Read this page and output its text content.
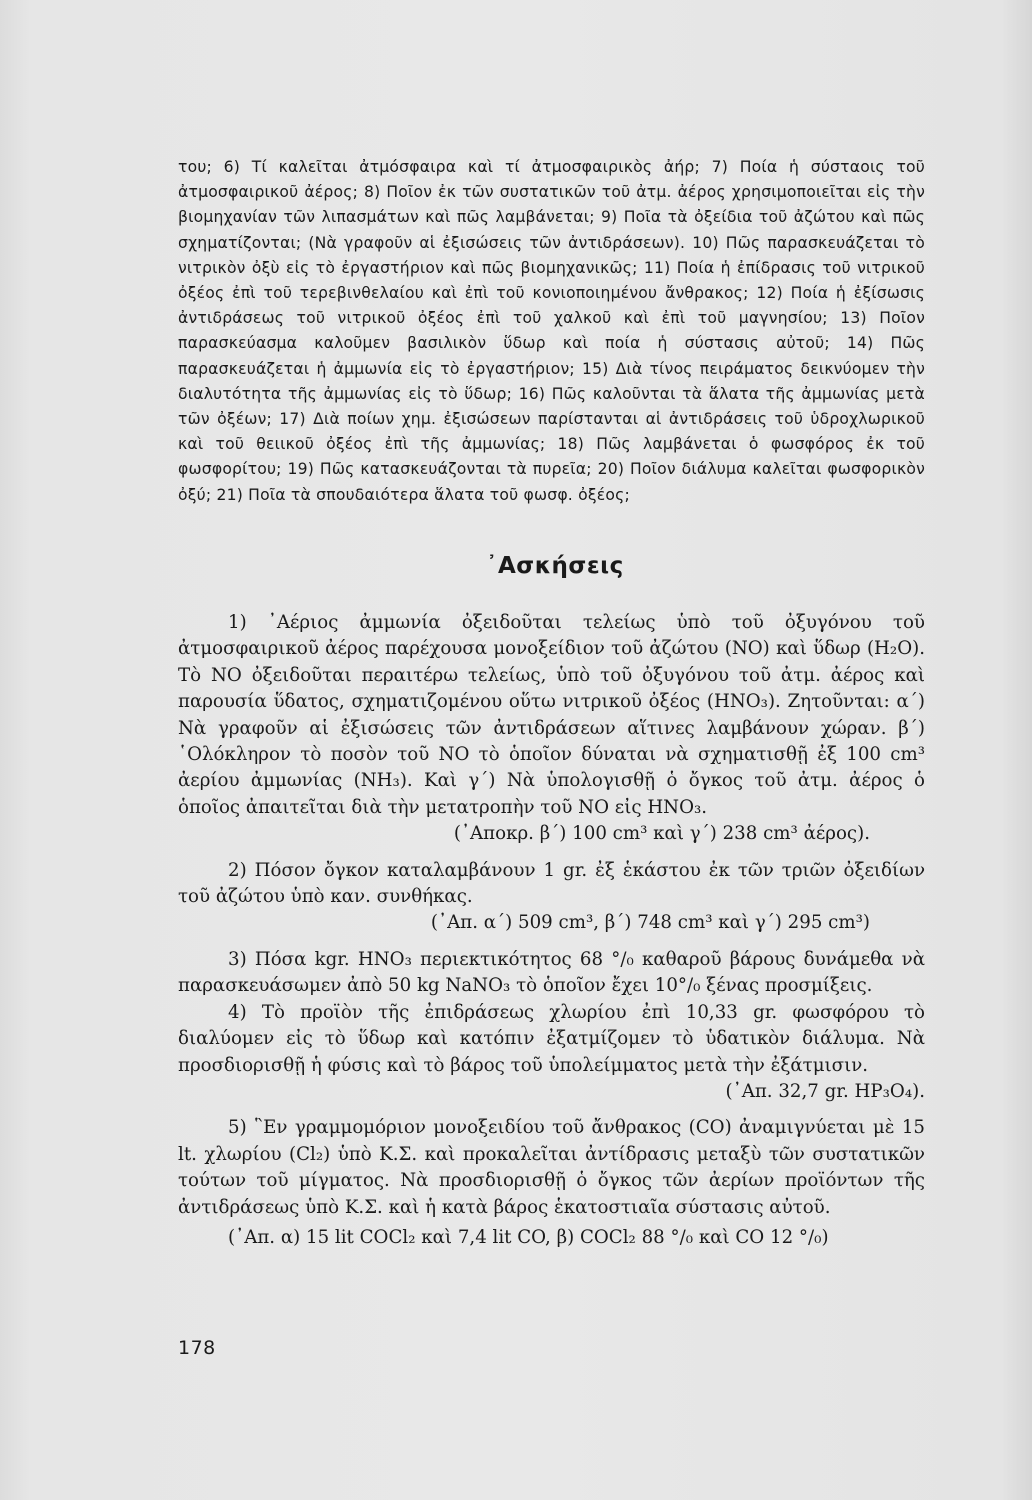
του; 6) Τί καλεῖται ἀτμόσφαιρα καὶ τί ἀτμοσφαιρικὸς ἀήρ; 7) Ποία ἡ σύσταοις τοῦ ἀτμοσφαιρικοῦ ἀέρος; 8) Ποῖον ἐκ τῶν συστατικῶν τοῦ ἀτμ. ἀέρος χρησιμοποιεῖται εἰς τὴν βιομηχανίαν τῶν λιπασμάτων καὶ πῶς λαμβάνεται; 9) Ποῖα τὰ ὀξείδια τοῦ ἀζώτου καὶ πῶς σχηματίζονται; (Νὰ γραφοῦν αἱ ἐξισώσεις τῶν ἀντιδράσεων). 10) Πῶς παρασκευάζεται τὸ νιτρικὸν ὀξὺ εἰς τὸ ἐργαστήριον καὶ πῶς βιομηχανικῶς; 11) Ποία ἡ ἐπίδρασις τοῦ νιτρικοῦ ὀξέος ἐπὶ τοῦ τερεβινθελαίου καὶ ἐπὶ τοῦ κονιοποιημένου ἄνθρακος; 12) Ποία ἡ ἐξίσωσις ἀντιδράσεως τοῦ νιτρικοῦ ὀξέος ἐπὶ τοῦ χαλκοῦ καὶ ἐπὶ τοῦ μαγνησίου; 13) Ποῖον παρασκεύασμα καλοῦμεν βασιλικὸν ὕδωρ καὶ ποία ἡ σύστασις αὐτοῦ; 14) Πῶς παρασκευάζεται ἡ ἀμμωνία εἰς τὸ ἐργαστήριον; 15) Διὰ τίνος πειράματος δεικνύομεν τὴν διαλυτότητα τῆς ἀμμωνίας εἰς τὸ ὕδωρ; 16) Πῶς καλοῦνται τὰ ἅλατα τῆς ἀμμωνίας μετὰ τῶν ὀξέων; 17) Διὰ ποίων χημ. ἐξισώσεων παρίστανται αἱ ἀντιδράσεις τοῦ ὑδροχλωρικοῦ καὶ τοῦ θειικοῦ ὀξέος ἐπὶ τῆς ἀμμωνίας; 18) Πῶς λαμβάνεται ὁ φωσφόρος ἐκ τοῦ φωσφορίτου; 19) Πῶς κατασκευάζονται τὰ πυρεῖα; 20) Ποῖον διάλυμα καλεῖται φωσφορικὸν ὀξύ; 21) Ποῖα τὰ σπουδαιότερα ἅλατα τοῦ φωσφ. ὀξέος;

᾿Ασκήσεις

1) ᾿Αέριος ἀμμωνία ὀξειδοῦται τελείως ὑπὸ τοῦ ὀξυγόνου τοῦ ἀτμοσφαιρικοῦ ἀέρος παρέχουσα μονοξείδιον τοῦ ἀζώτου (NO) καὶ ὕδωρ (H₂O). Τὸ NO ὀξειδοῦται περαιτέρω τελείως, ὑπὸ τοῦ ὀξυγόνου τοῦ ἀτμ. ἀέρος καὶ παρουσία ὕδατος, σχηματιζομένου οὕτω νιτρικοῦ ὀξέος (HNO₃). Ζητοῦνται: α΄) Νὰ γραφοῦν αἱ ἐξισώσεις τῶν ἀντιδράσεων αἵτινες λαμβάνουν χώραν. β΄) ῾Ολόκληρον τὸ ποσὸν τοῦ NO τὸ ὁποῖον δύναται νὰ σχηματισθῇ ἐξ 100 cm³ ἀερίου ἀμμωνίας (NH₃). Καὶ γ΄) Νὰ ὑπολογισθῇ ὁ ὄγκος τοῦ ἀτμ. ἀέρος ὁ ὁποῖος ἀπαιτεῖται διὰ τὴν μετατροπὴν τοῦ NO εἰς HNO₃.

(᾿Αποκρ. β΄) 100 cm³ καὶ γ΄) 238 cm³ ἀέρος).

2) Πόσον ὄγκον καταλαμβάνουν 1 gr. ἐξ ἑκάστου ἐκ τῶν τριῶν ὀξειδίων τοῦ ἀζώτου ὑπὸ καν. συνθήκας.

(᾿Απ. α΄) 509 cm³, β΄) 748 cm³ καὶ γ΄) 295 cm³)

3) Πόσα kgr. HNO₃ περιεκτικότητος 68 °/₀ καθαροῦ βάρους δυνάμεθα νὰ παρασκευάσωμεν ἀπὸ 50 kg NaNO₃ τὸ ὁποῖον ἔχει 10°/₀ ξένας προσμίξεις.

4) Τὸ προϊὸν τῆς ἐπιδράσεως χλωρίου ἐπὶ 10,33 gr. φωσφόρου τὸ διαλύομεν εἰς τὸ ὕδωρ καὶ κατόπιν ἐξατμίζομεν τὸ ὑδατικὸν διάλυμα. Νὰ προσδιορισθῇ ἡ φύσις καὶ τὸ βάρος τοῦ ὑπολείμματος μετὰ τὴν ἐξάτμισιν.

(᾿Απ. 32,7 gr. HP₃O₄).

5) ῝Εν γραμμομόριον μονοξειδίου τοῦ ἄνθρακος (CO) ἀναμιγνύεται μὲ 15 lt. χλωρίου (Cl₂) ὑπὸ Κ.Σ. καὶ προκαλεῖται ἀντίδρασις μεταξὺ τῶν συστατικῶν τούτων τοῦ μίγματος. Νὰ προσδιορισθῇ ὁ ὄγκος τῶν ἀερίων προϊόντων τῆς ἀντιδράσεως ὑπὸ Κ.Σ. καὶ ἡ κατὰ βάρος ἑκατοστιαῖα σύστασις αὐτοῦ.

(᾿Απ. α) 15 lit COCl₂ καὶ 7,4 lit CO, β) COCl₂ 88 °/₀ καὶ CO 12 °/₀)

178
